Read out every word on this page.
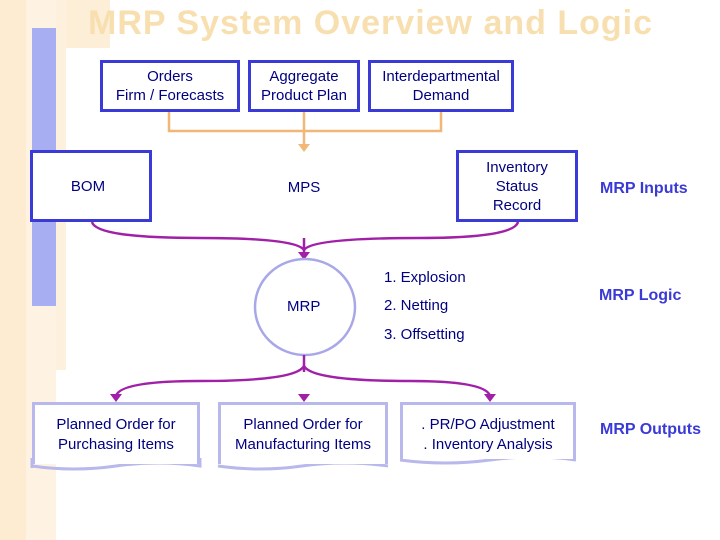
MRP System Overview and Logic
Orders
Firm / Forecasts
Aggregate
Product Plan
Interdepartmental
Demand
BOM	MPS
Inventory
Status
Record
MRP
1. Explosion
2. Netting
3. Offsetting
Planned Order for
Purchasing Items
Planned Order for
Manufacturing Items
. PR/PO Adjustment
. Inventory Analysis
MRP Inputs
MRP Logic
MRP Outputs
